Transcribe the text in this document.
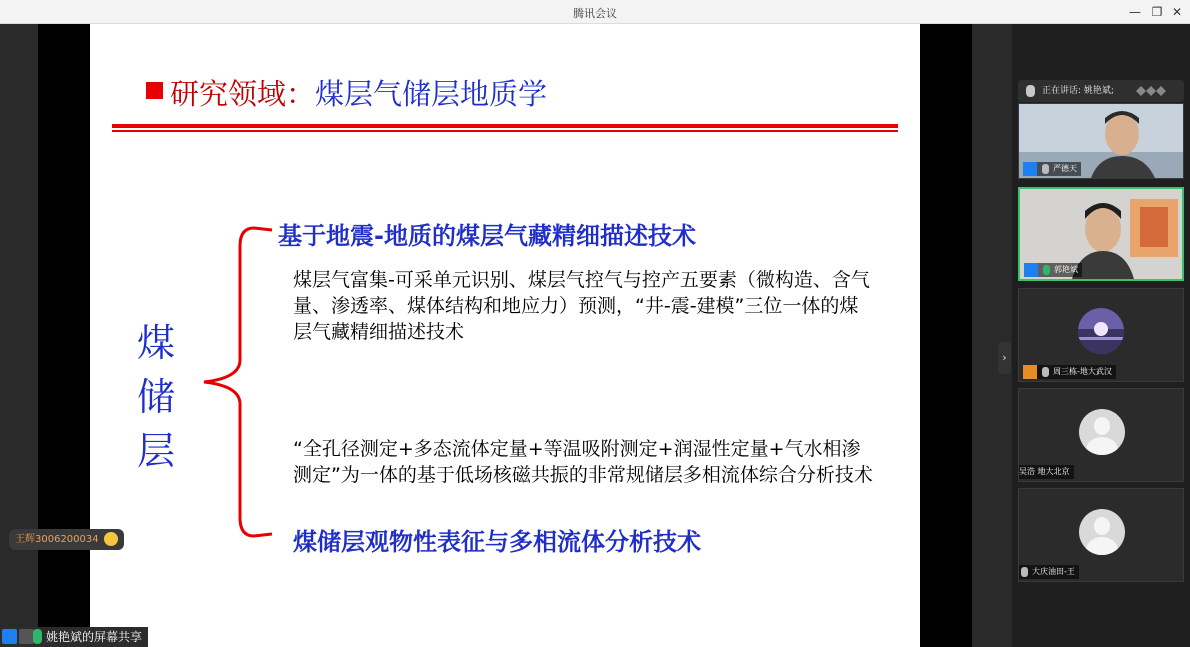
腾讯会议	— ❐ ✕
研究领域：煤层气储层地质学
煤
储
层
基于地震-地质的煤层气藏精细描述技术
煤层气富集-可采单元识别、煤层气控气与控产五要素（微构造、含气量、渗透率、煤体结构和地应力）预测，“井-震-建模”三位一体的煤层气藏精细描述技术
“全孔径测定+多态流体定量+等温吸附测定+润湿性定量+气水相渗测定”为一体的基于低场核磁共振的非常规储层多相流体综合分析技术
煤储层观物性表征与多相流体分析技术
›
王辉3006200034
姚艳斌的屏幕共享
正在讲话: 姚艳斌;
严德天
郭艳斌
周三栋-地大武汉
吴浩 地大北京
大庆油田-王
